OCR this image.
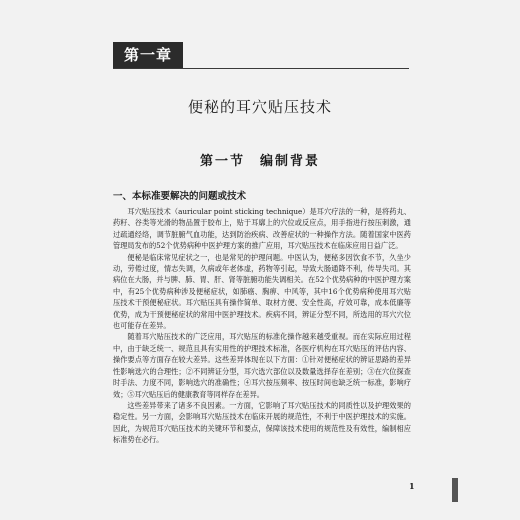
第一章
便秘的耳穴贴压技术
第一节　编制背景
一、本标准要解决的问题或技术

耳穴贴压技术（auricular point sticking technique）是耳穴疗法的一种，是将药丸、药籽、谷类等光滑的物品置于胶布上，贴于耳廓上的穴位或反应点，用手指进行按压刺激，通过疏通经络，调节脏腑气血功能，达到防治疾病、改善症状的一种操作方法。随着国家中医药管理局发布的52个优势病种中医护理方案的推广应用，耳穴贴压技术在临床应用日益广泛。

便秘是临床常见症状之一，也是常见的护理问题。中医认为，便秘多因饮食不节，久坐少动，劳倦过度，情志失调，久病或年老体虚，药物等引起，导致大肠通降不利，传导失司。其病位在大肠，并与脾、肺、胃、肝、肾等脏腑功能失调相关。在52个优势病种的中医护理方案中，有25个优势病种涉及便秘症状，如肺癌、胸痹、中风等，其中16个优势病种使用耳穴贴压技术干预便秘症状。耳穴贴压具有操作简单、取材方便、安全性高，疗效可靠，成本低廉等优势，成为干预便秘症状的常用中医护理技术。疾病不同，辨证分型不同，所选用的耳穴穴位也可能存在差异。

随着耳穴贴压技术的广泛应用，耳穴贴压的标准化操作越来越受重视。而在实际应用过程中，由于缺乏统一、规范且具有实用性的护理技术标准，各医疗机构在耳穴贴压的评估内容、操作要点等方面存在较大差异。这些差异体现在以下方面：①针对便秘症状的辨证思路的差异性影响选穴的合理性；②不同辨证分型，耳穴选穴部位以及数量选择存在差别；③在穴位探查时手法、力度不同，影响选穴的准确性；④耳穴按压频率、按压时间也缺乏统一标准，影响疗效；⑤耳穴贴压后的健康教育等同样存在差异。

这些差异带来了诸多不良因素。一方面，它影响了耳穴贴压技术的同质性以及护理效果的稳定性。另一方面，会影响耳穴贴压技术在临床开展的规范性，不利于中医护理技术的实施。因此，为规范耳穴贴压技术的关键环节和要点，保障该技术使用的规范性及有效性，编制相应标准势在必行。

1
